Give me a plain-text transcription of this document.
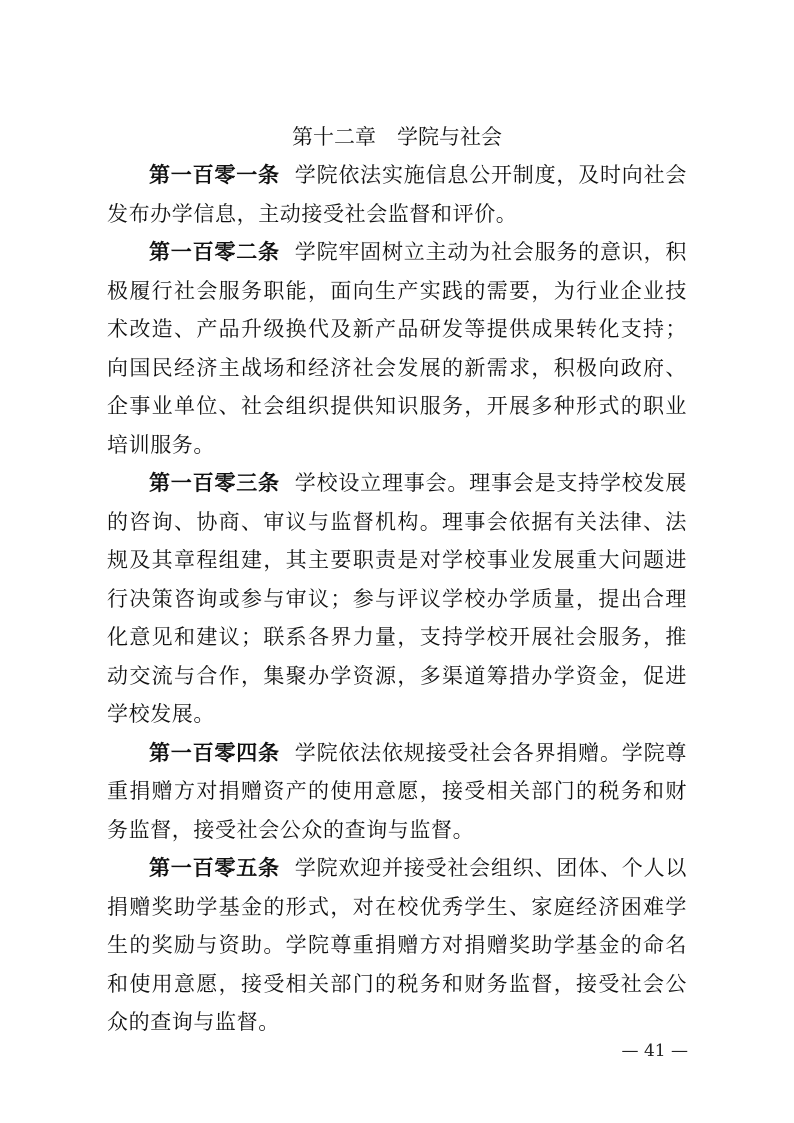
第十二章　学院与社会

第一百零一条 学院依法实施信息公开制度，及时向社会发布办学信息，主动接受社会监督和评价。

第一百零二条 学院牢固树立主动为社会服务的意识，积极履行社会服务职能，面向生产实践的需要，为行业企业技术改造、产品升级换代及新产品研发等提供成果转化支持；向国民经济主战场和经济社会发展的新需求，积极向政府、企事业单位、社会组织提供知识服务，开展多种形式的职业培训服务。

第一百零三条 学校设立理事会。理事会是支持学校发展的咨询、协商、审议与监督机构。理事会依据有关法律、法规及其章程组建，其主要职责是对学校事业发展重大问题进行决策咨询或参与审议；参与评议学校办学质量，提出合理化意见和建议；联系各界力量，支持学校开展社会服务，推动交流与合作，集聚办学资源，多渠道筹措办学资金，促进学校发展。

第一百零四条 学院依法依规接受社会各界捐赠。学院尊重捐赠方对捐赠资产的使用意愿，接受相关部门的税务和财务监督，接受社会公众的查询与监督。

第一百零五条 学院欢迎并接受社会组织、团体、个人以捐赠奖助学基金的形式，对在校优秀学生、家庭经济困难学生的奖励与资助。学院尊重捐赠方对捐赠奖助学基金的命名和使用意愿，接受相关部门的税务和财务监督，接受社会公众的查询与监督。

— 41 —
